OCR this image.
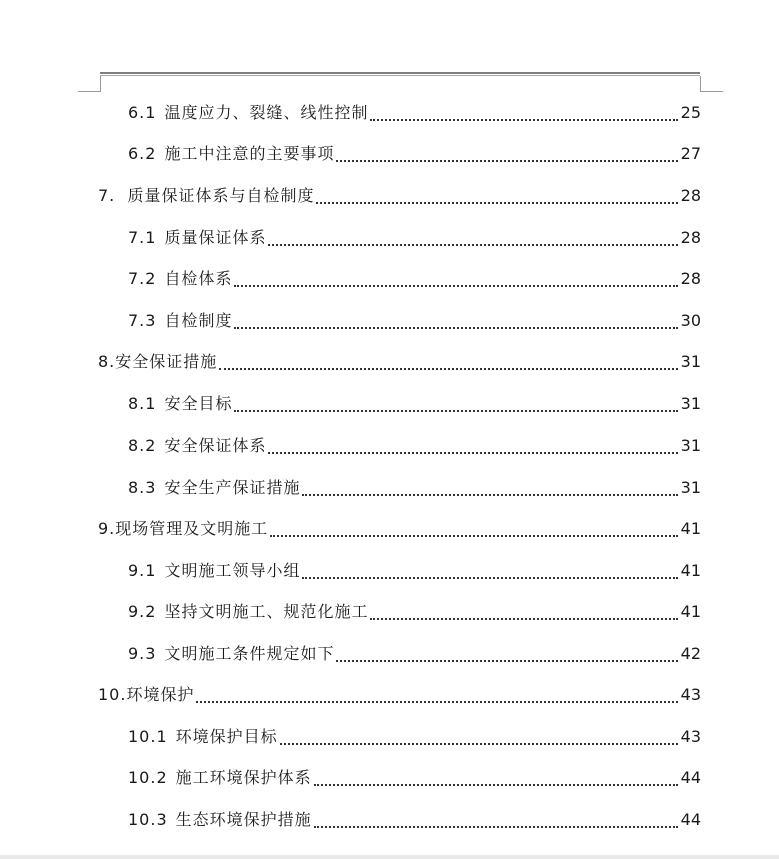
6.1 温度应力、裂缝、线性控制	25
6.2 施工中注意的主要事项	27
7. 质量保证体系与自检制度	28
7.1 质量保证体系	28
7.2 自检体系	28
7.3 自检制度	30
8. 安全保证措施	31
8.1 安全目标	31
8.2 安全保证体系	31
8.3 安全生产保证措施	31
9. 现场管理及文明施工	41
9.1 文明施工领导小组	41
9.2 坚持文明施工、规范化施工	41
9.3 文明施工条件规定如下	42
10. 环境保护	43
10.1 环境保护目标	43
10.2 施工环境保护体系	44
10.3 生态环境保护措施	44
